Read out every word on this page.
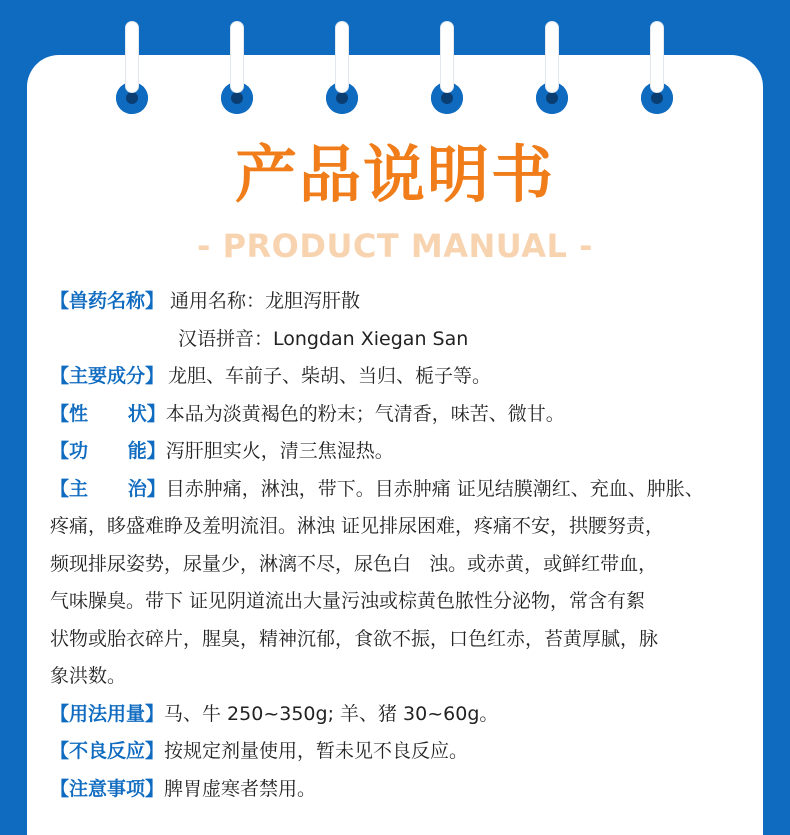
产品说明书
- PRODUCT MANUAL -
【兽药名称】 通用名称：龙胆泻肝散
汉语拼音：Longdan Xiegan San
【主要成分】 龙胆、车前子、柴胡、当归、栀子等。
【性      状】 本品为淡黄褐色的粉末；气清香，味苦、微甘。
【功      能】 泻肝胆实火，清三焦湿热。
【主      治】 目赤肿痛，淋浊，带下。目赤肿痛 证见结膜潮红、充血、肿胀、
疼痛，眵盛难睁及羞明流泪。淋浊 证见排尿困难，疼痛不安，拱腰努责，
频现排尿姿势，尿量少，淋漓不尽，尿色白   浊。或赤黄，或鲜红带血，
气味臊臭。带下 证见阴道流出大量污浊或棕黄色脓性分泌物，常含有絮
状物或胎衣碎片，腥臭，精神沉郁，食欲不振，口色红赤，苔黄厚腻，脉
象洪数。
【用法用量】 马、牛 250~350g; 羊、猪 30~60g。
【不良反应】 按规定剂量使用，暂未见不良反应。
【注意事项】 脾胃虚寒者禁用。
